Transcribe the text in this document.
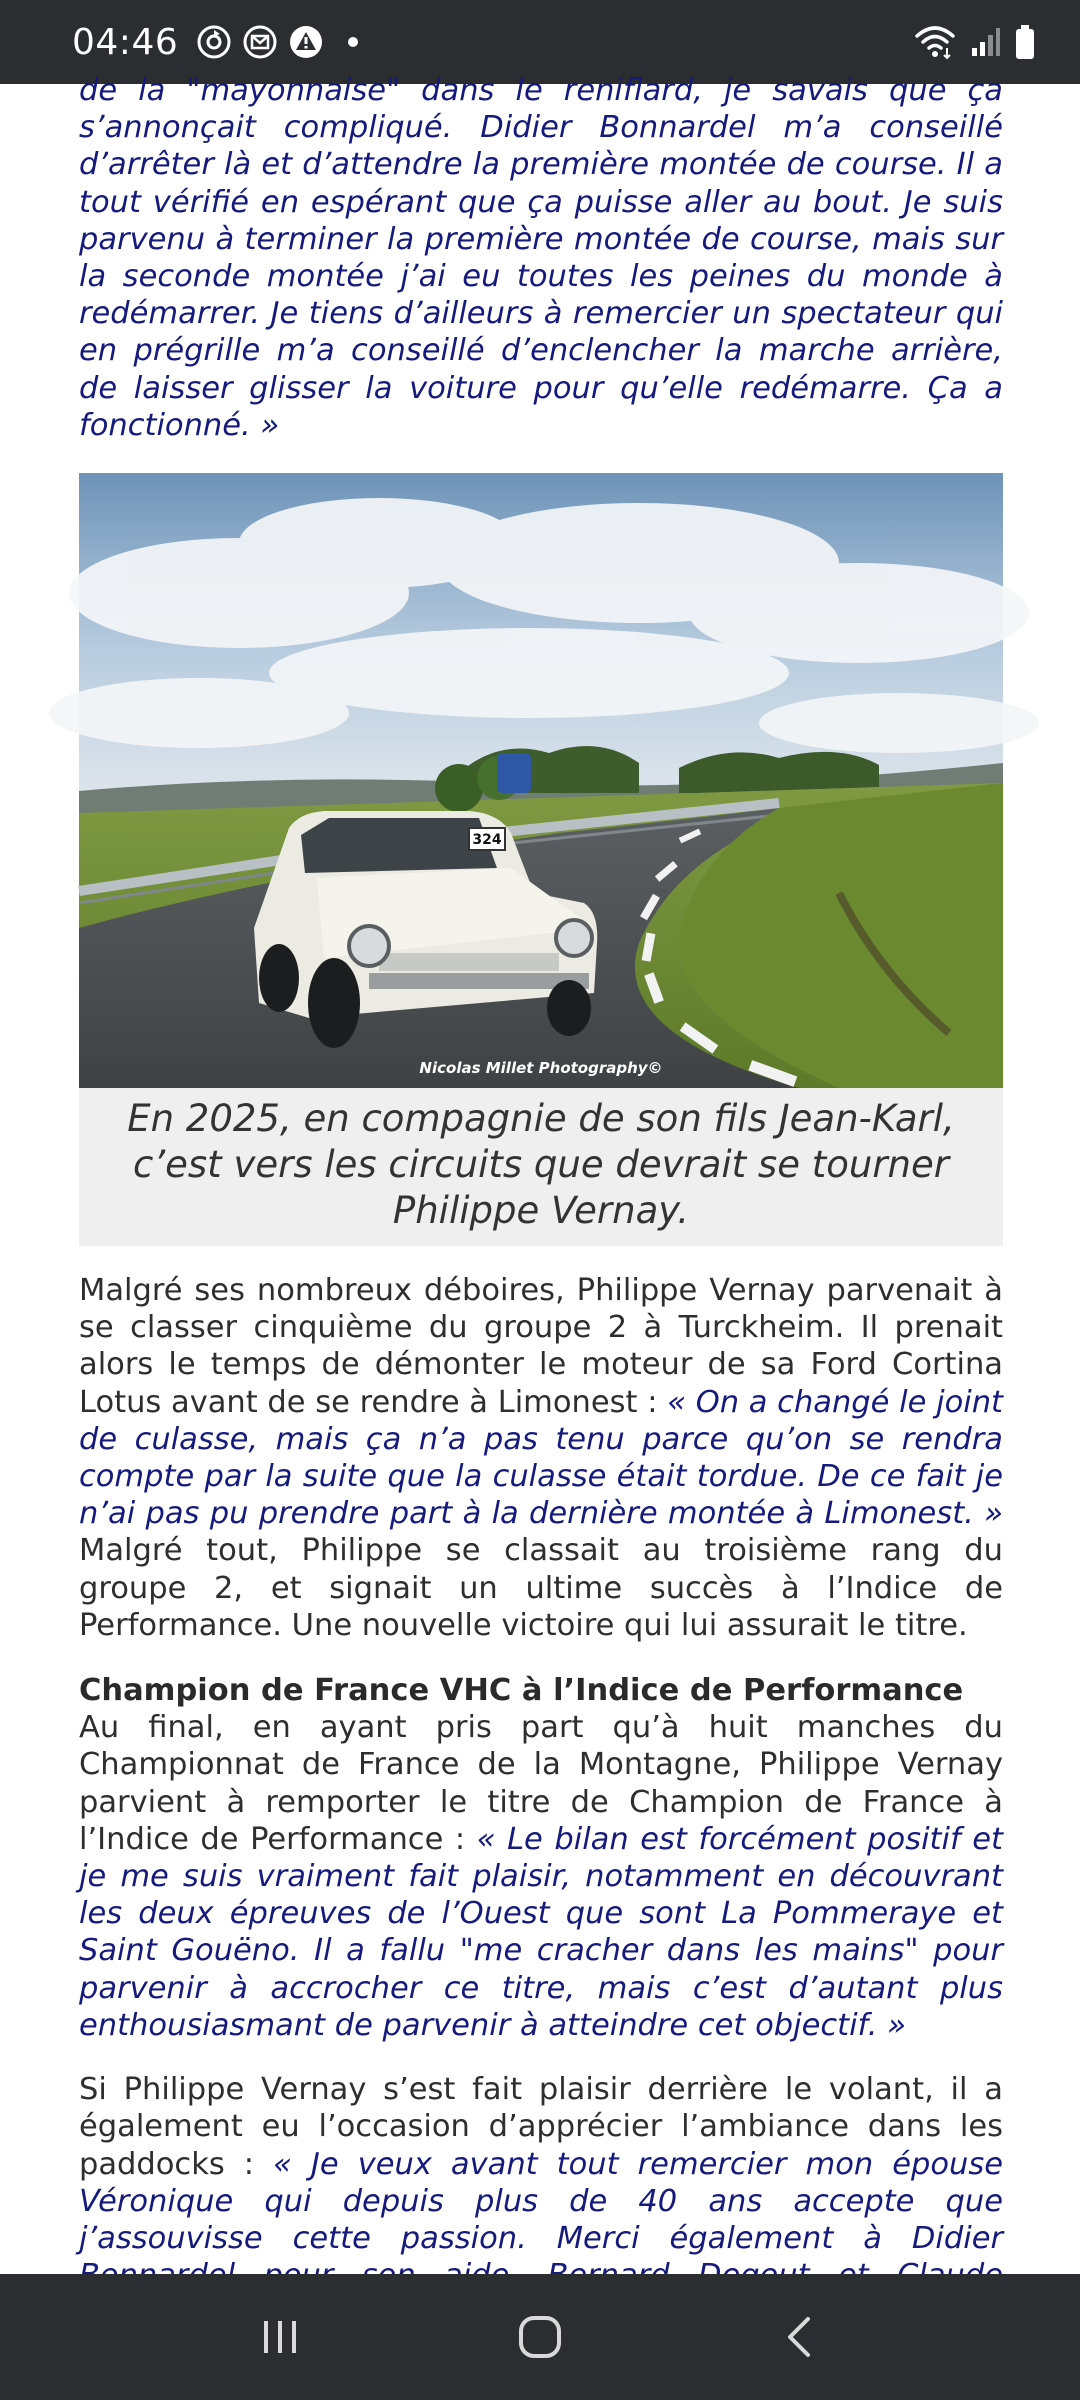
04:46

de la "mayonnaise" dans le reniflard, je savais que ça s’annonçait compliqué. Didier Bonnardel m’a conseillé d’arrêter là et d’attendre la première montée de course. Il a tout vérifié en espérant que ça puisse aller au bout. Je suis parvenu à terminer la première montée de course, mais sur la seconde montée j’ai eu toutes les peines du monde à redémarrer. Je tiens d’ailleurs à remercier un spectateur qui en prégrille m’a conseillé d’enclencher la marche arrière, de laisser glisser la voiture pour qu’elle redémarre. Ça a fonctionné. »

324
Nicolas Millet Photography©
En 2025, en compagnie de son fils Jean-Karl, c’est vers les circuits que devrait se tourner Philippe Vernay.

Malgré ses nombreux déboires, Philippe Vernay parvenait à se classer cinquième du groupe 2 à Turckheim. Il prenait alors le temps de démonter le moteur de sa Ford Cortina Lotus avant de se rendre à Limonest : « On a changé le joint de culasse, mais ça n’a pas tenu parce qu’on se rendra compte par la suite que la culasse était tordue. De ce fait je n’ai pas pu prendre part à la dernière montée à Limonest. » Malgré tout, Philippe se classait au troisième rang du groupe 2, et signait un ultime succès à l’Indice de Performance. Une nouvelle victoire qui lui assurait le titre.

Champion de France VHC à l’Indice de Performance

Au final, en ayant pris part qu’à huit manches du Championnat de France de la Montagne, Philippe Vernay parvient à remporter le titre de Champion de France à l’Indice de Performance : « Le bilan est forcément positif et je me suis vraiment fait plaisir, notamment en découvrant les deux épreuves de l’Ouest que sont La Pommeraye et Saint Gouëno. Il a fallu "me cracher dans les mains" pour parvenir à accrocher ce titre, mais c’est d’autant plus enthousiasmant de parvenir à atteindre cet objectif. »

Si Philippe Vernay s’est fait plaisir derrière le volant, il a également eu l’occasion d’apprécier l’ambiance dans les paddocks : « Je veux avant tout remercier mon épouse Véronique qui depuis plus de 40 ans accepte que j’assouvisse cette passion. Merci également à Didier
